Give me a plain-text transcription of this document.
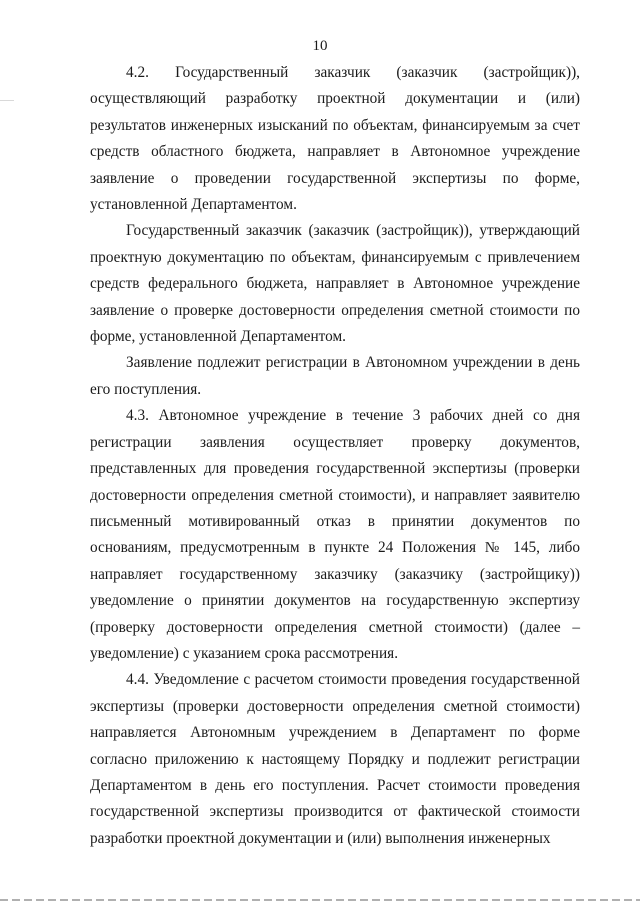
10

4.2. Государственный заказчик (заказчик (застройщик)), осуществляющий разработку проектной документации и (или) результатов инженерных изысканий по объектам, финансируемым за счет средств областного бюджета, направляет в Автономное учреждение заявление о проведении государственной экспертизы по форме, установленной Департаментом.

Государственный заказчик (заказчик (застройщик)), утверждающий проектную документацию по объектам, финансируемым с привлечением средств федерального бюджета, направляет в Автономное учреждение заявление о проверке достоверности определения сметной стоимости по форме, установленной Департаментом.

Заявление подлежит регистрации в Автономном учреждении в день его поступления.

4.3. Автономное учреждение в течение 3 рабочих дней со дня регистрации заявления осуществляет проверку документов, представленных для проведения государственной экспертизы (проверки достоверности определения сметной стоимости), и направляет заявителю письменный мотивированный отказ в принятии документов по основаниям, предусмотренным в пункте 24 Положения № 145, либо направляет государственному заказчику (заказчику (застройщику)) уведомление о принятии документов на государственную экспертизу (проверку достоверности определения сметной стоимости) (далее – уведомление) с указанием срока рассмотрения.

4.4. Уведомление с расчетом стоимости проведения государственной экспертизы (проверки достоверности определения сметной стоимости) направляется Автономным учреждением в Департамент по форме согласно приложению к настоящему Порядку и подлежит регистрации Департаментом в день его поступления. Расчет стоимости проведения государственной экспертизы производится от фактической стоимости разработки проектной документации и (или) выполнения инженерных
